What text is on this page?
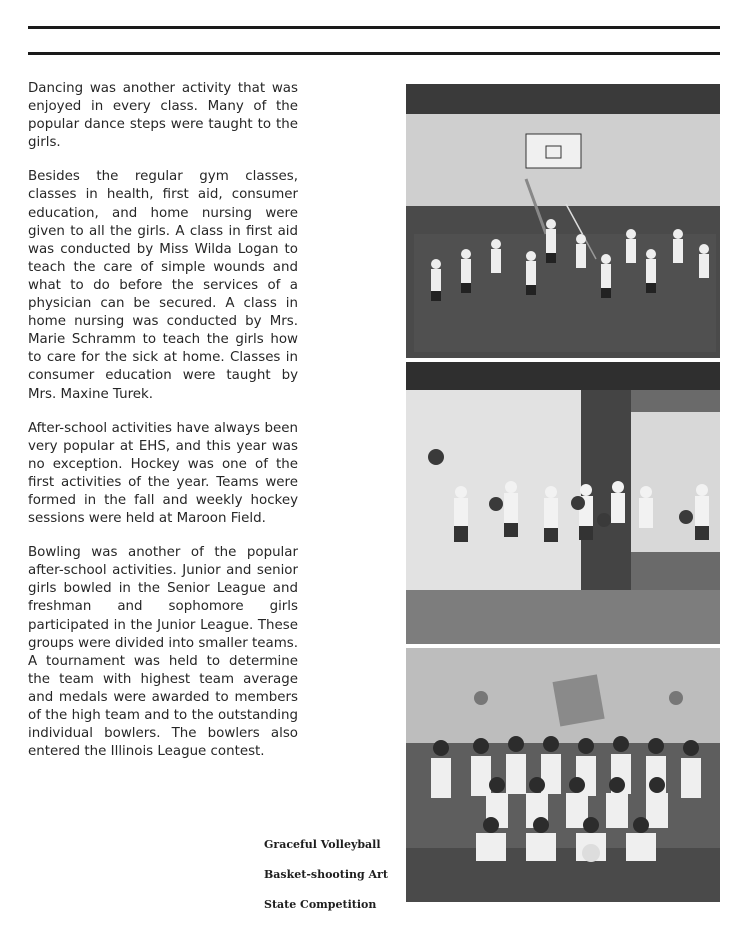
Dancing was another activity that was enjoyed in every class. Many of the popular dance steps were taught to the girls.

Besides the regular gym classes, classes in health, first aid, consumer education, and home nursing were given to all the girls. A class in first aid was conducted by Miss Wilda Logan to teach the care of simple wounds and what to do before the services of a physician can be secured. A class in home nursing was conducted by Mrs. Marie Schramm to teach the girls how to care for the sick at home. Classes in consumer education were taught by Mrs. Maxine Turek.

After-school activities have always been very popular at EHS, and this year was no exception. Hockey was one of the first activities of the year. Teams were formed in the fall and weekly hockey sessions were held at Maroon Field.

Bowling was another of the popular after-school activities. Junior and senior girls bowled in the Senior League and freshman and sophomore girls participated in the Junior League. These groups were divided into smaller teams. A tournament was held to determine the team with highest team average and medals were awarded to members of the high team and to the outstanding individual bowlers. The bowlers also entered the Illinois League contest.

Graceful Volleyball
Basket-shooting Art
State Competition
